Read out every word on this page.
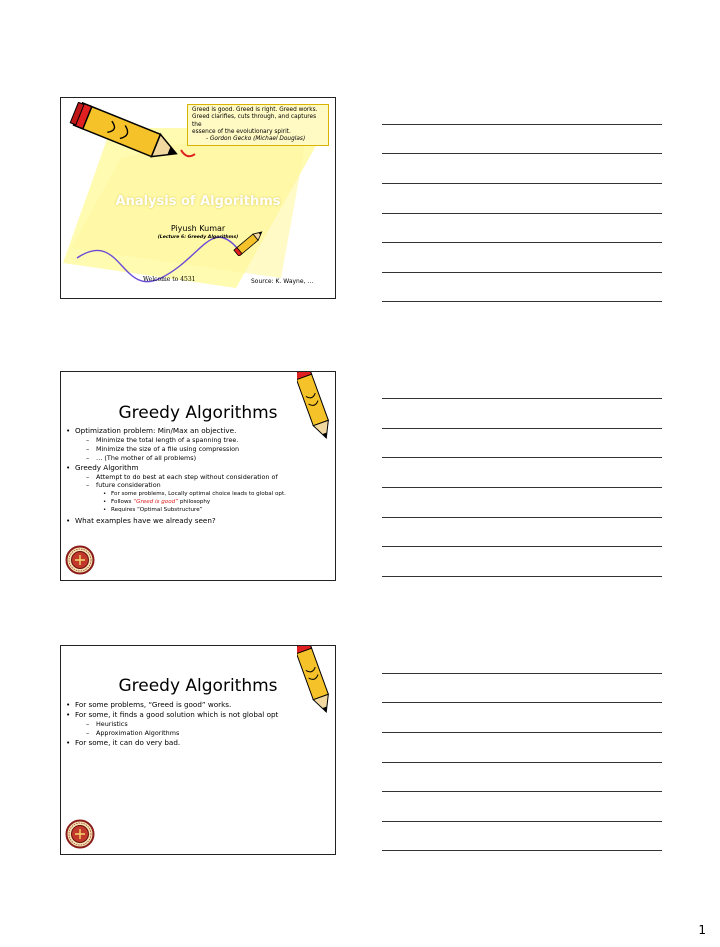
Greed is good. Greed is right. Greed works.
Greed clarifies, cuts through, and captures the
essence of the evolutionary spirit.
- Gordon Gecko (Michael Douglas)
Analysis of Algorithms
Piyush Kumar
(Lecture 6: Greedy Algorithms)
Welcome to 4531	Source: K. Wayne, …
Greedy Algorithms
• Optimization problem: Min/Max an objective.
– Minimize the total length of a spanning tree.
– Minimize the size of a file using compression
– … (The mother of all problems)
• Greedy Algorithm
– Attempt to do best at each step without consideration of
– future consideration
• For some problems, Locally optimal choice leads to global opt.
• Follows “Greed is good” philosophy
• Requires “Optimal Substructure”
• What examples have we already seen?
Greedy Algorithms
• For some problems, “Greed is good” works.
• For some, it finds a good solution which is not global opt
– Heuristics
– Approximation Algorithms
• For some, it can do very bad.
1
